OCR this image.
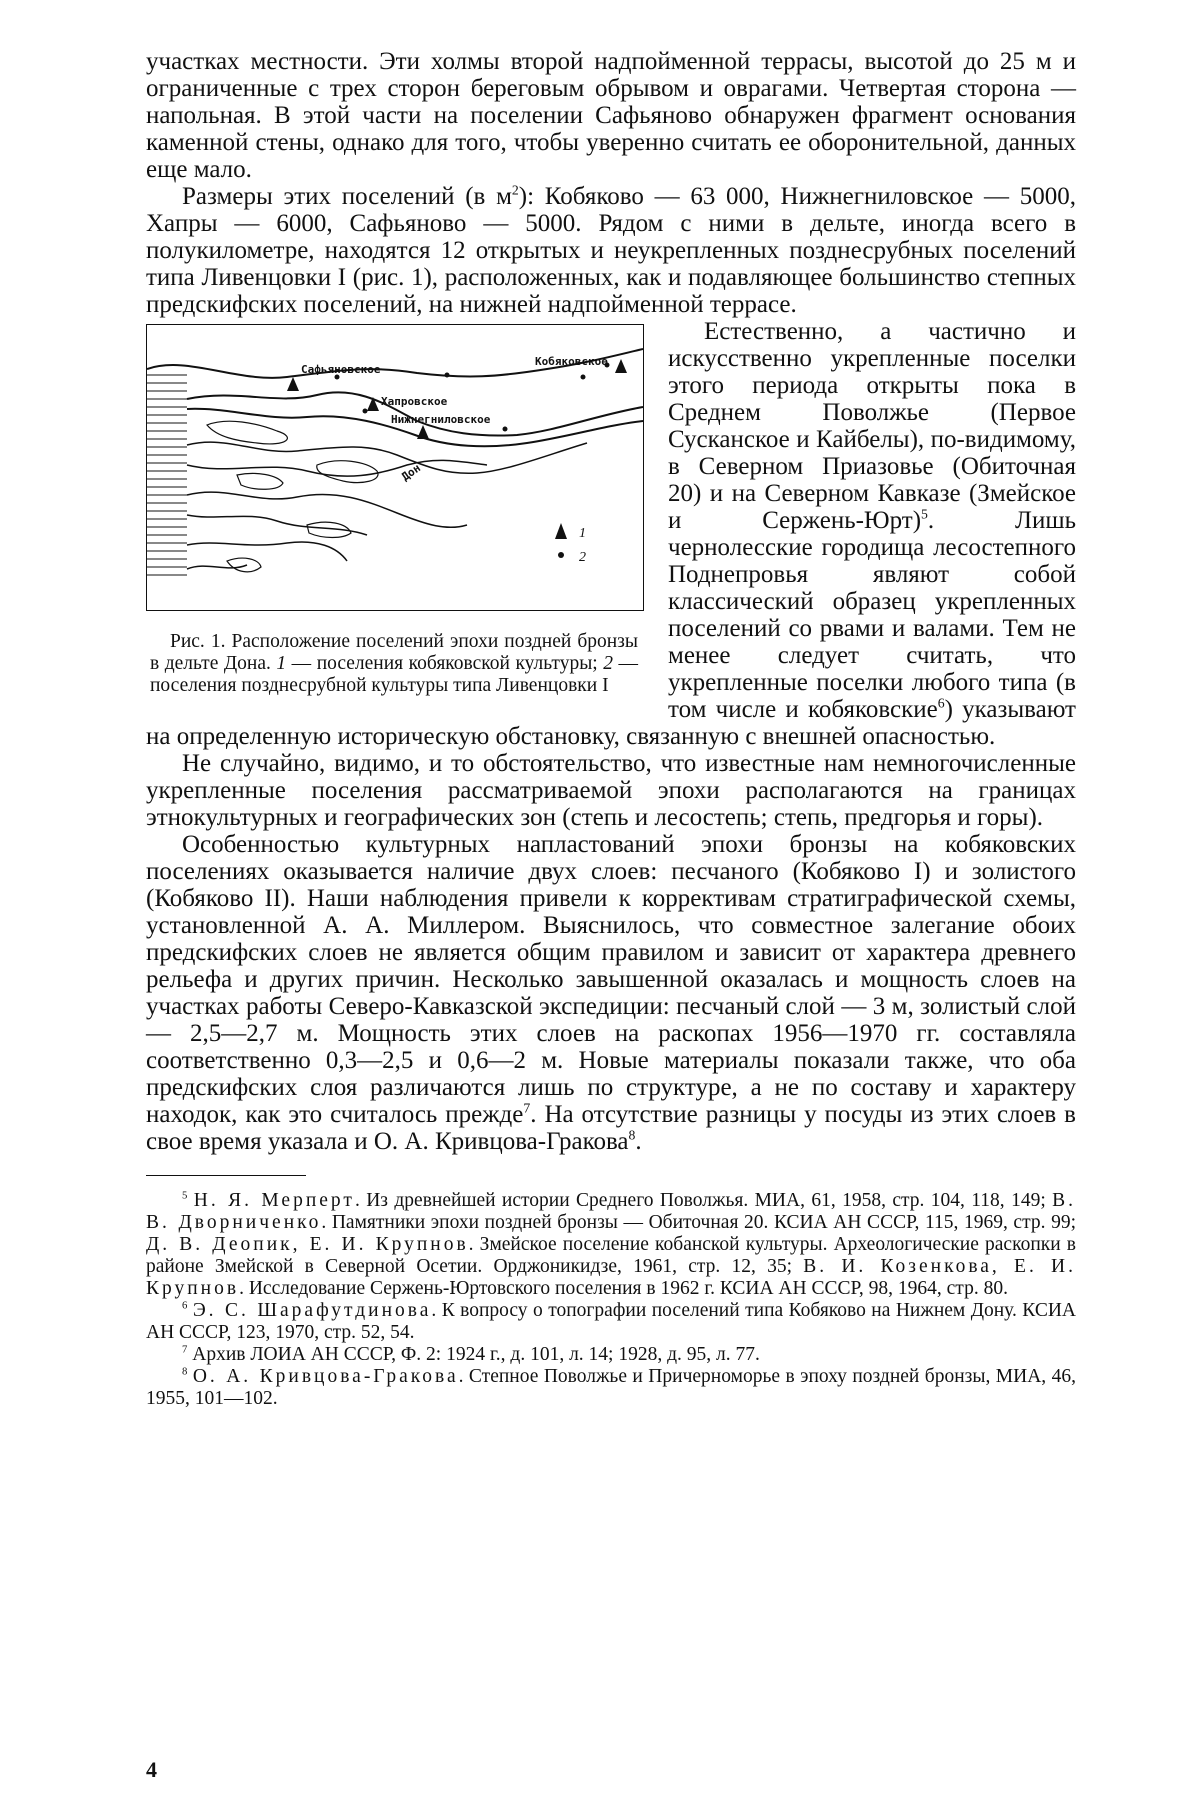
участках местности. Эти холмы второй надпойменной террасы, высотой до 25 м и ограниченные с трех сторон береговым обрывом и оврагами. Четвертая сторона — напольная. В этой части на поселении Сафьяново обнаружен фрагмент основания каменной стены, однако для того, чтобы уверенно считать ее оборонительной, данных еще мало.

Размеры этих поселений (в $м^2$): Кобяково — 63 000, Нижнегниловское — 5000, Хапры — 6000, Сафьяново — 5000. Рядом с ними в дельте, иногда всего в полукилометре, находятся 12 открытых и неукрепленных позднесрубных поселений типа Ливенцовки I (рис. 1), расположенных, как и подавляющее большинство степных предскифских поселений, на нижней надпойменной террасе.

Сафьяновское
Кобяковское
Хапровское
Нижнегниловское
Дон
1
2

Рис. 1. Расположение поселений эпохи поздней бронзы в дельте Дона. 1 — поселения кобяковской культуры; 2 — поселения позднесрубной культуры типа Ливенцовки I

Естественно, а частично и искусственно укрепленные поселки этого периода открыты пока в Среднем Поволжье (Первое Сусканское и Кайбелы), по-видимому, в Северном Приазовье (Обиточная 20) и на Северном Кавказе (Змейское и Сержень-Юрт)$^5$. Лишь чернолесские городища лесостепного Поднепровья являют собой классический образец укрепленных поселений со рвами и валами. Тем не менее следует считать, что укрепленные поселки любого типа (в том числе и кобяковские$^6$) указывают на определенную историческую обстановку, связанную с внешней опасностью.

Не случайно, видимо, и то обстоятельство, что известные нам немногочисленные укрепленные поселения рассматриваемой эпохи располагаются на границах этнокультурных и географических зон (степь и лесостепь; степь, предгорья и горы).

Особенностью культурных напластований эпохи бронзы на кобяковских поселениях оказывается наличие двух слоев: песчаного (Кобяково I) и золистого (Кобяково II). Наши наблюдения привели к коррективам стратиграфической схемы, установленной А. А. Миллером. Выяснилось, что совместное залегание обоих предскифских слоев не является общим правилом и зависит от характера древнего рельефа и других причин. Несколько завышенной оказалась и мощность слоев на участках работы Северо-Кавказской экспедиции: песчаный слой — 3 м, золистый слой — 2,5—2,7 м. Мощность этих слоев на раскопах 1956—1970 гг. составляла соответственно 0,3—2,5 и 0,6—2 м. Новые материалы показали также, что оба предскифских слоя различаются лишь по структуре, а не по составу и характеру находок, как это считалось прежде$^7$. На отсутствие разницы у посуды из этих слоев в свое время указала и О. А. Кривцова-Гракова$^8$.

$^5$ Н. Я. Мерперт. Из древнейшей истории Среднего Поволжья. МИА, 61, 1958, стр. 104, 118, 149; В. В. Дворниченко. Памятники эпохи поздней бронзы — Обиточная 20. КСИА АН СССР, 115, 1969, стр. 99; Д. В. Деопик, Е. И. Крупнов. Змейское поселение кобанской культуры. Археологические раскопки в районе Змейской в Северной Осетии. Орджоникидзе, 1961, стр. 12, 35; В. И. Козенкова, Е. И. Крупнов. Исследование Сержень-Юртовского поселения в 1962 г. КСИА АН СССР, 98, 1964, стр. 80.

$^6$ Э. С. Шарафутдинова. К вопросу о топографии поселений типа Кобяково на Нижнем Дону. КСИА АН СССР, 123, 1970, стр. 52, 54.

$^7$ Архив ЛОИА АН СССР, Ф. 2: 1924 г., д. 101, л. 14; 1928, д. 95, л. 77.

$^8$ О. А. Кривцова-Гракова. Степное Поволжье и Причерноморье в эпоху поздней бронзы, МИА, 46, 1955, 101—102.

4
